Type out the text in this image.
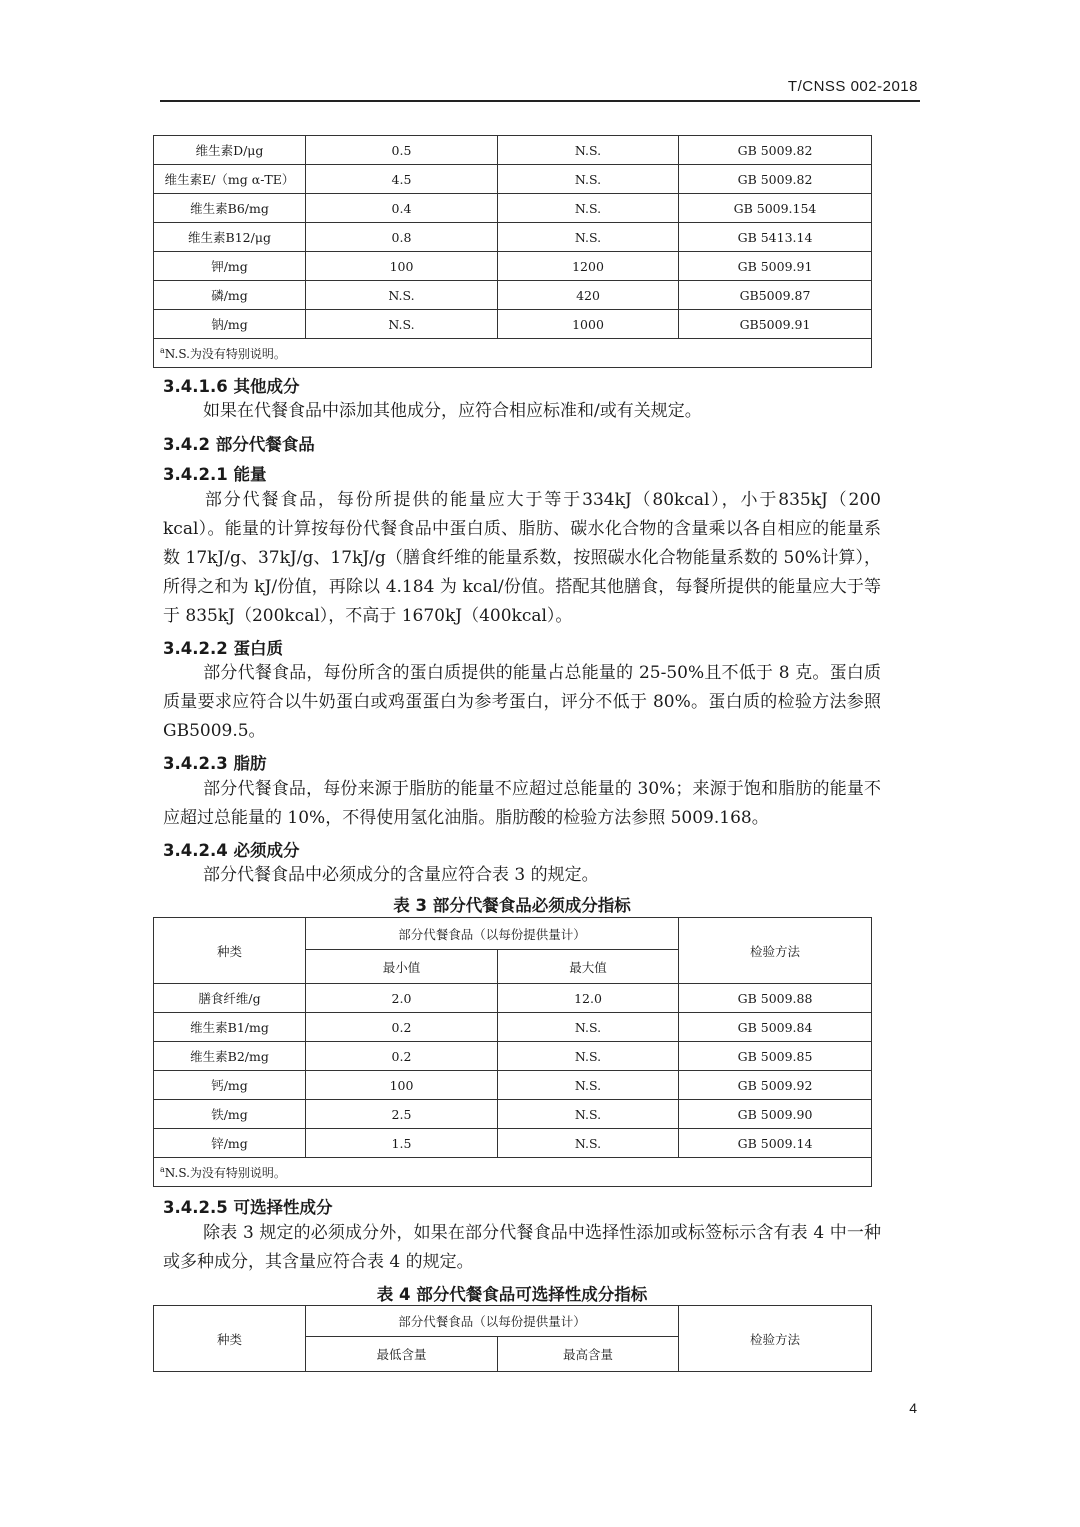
T/CNSS 002-2018
维生素D/μg	0.5	N.S.	GB 5009.82
维生素E/（mg α-TE）	4.5	N.S.	GB 5009.82
维生素B6/mg	0.4	N.S.	GB 5009.154
维生素B12/μg	0.8	N.S.	GB 5413.14
钾/mg	100	1200	GB 5009.91
磷/mg	N.S.	420	GB5009.87
钠/mg	N.S.	1000	GB5009.91
$^a$N.S.为没有特别说明。			
3.4.1.6 其他成分
如果在代餐食品中添加其他成分，应符合相应标准和/或有关规定。
3.4.2 部分代餐食品
3.4.2.1 能量
部分代餐食品，每份所提供的能量应大于等于334kJ（80kcal），小于835kJ（200 kcal）。能量的计算按每份代餐食品中蛋白质、脂肪、碳水化合物的含量乘以各自相应的能量系数 17kJ/g、37kJ/g、17kJ/g（膳食纤维的能量系数，按照碳水化合物能量系数的 50%计算），所得之和为 kJ/份值，再除以 4.184 为 kcal/份值。搭配其他膳食，每餐所提供的能量应大于等于 835kJ（200kcal），不高于 1670kJ（400kcal）。
3.4.2.2 蛋白质
部分代餐食品，每份所含的蛋白质提供的能量占总能量的 25-50%且不低于 8 克。蛋白质质量要求应符合以牛奶蛋白或鸡蛋蛋白为参考蛋白，评分不低于 80%。蛋白质的检验方法参照 GB5009.5。
3.4.2.3 脂肪
部分代餐食品，每份来源于脂肪的能量不应超过总能量的 30%；来源于饱和脂肪的能量不应超过总能量的 10%，不得使用氢化油脂。脂肪酸的检验方法参照 5009.168。
3.4.2.4 必须成分
部分代餐食品中必须成分的含量应符合表 3 的规定。
表 3 部分代餐食品必须成分指标
种类	部分代餐食品（以每份提供量计）		检验方法
	最小值	最大值	
膳食纤维/g	2.0	12.0	GB 5009.88
维生素B1/mg	0.2	N.S.	GB 5009.84
维生素B2/mg	0.2	N.S.	GB 5009.85
钙/mg	100	N.S.	GB 5009.92
铁/mg	2.5	N.S.	GB 5009.90
锌/mg	1.5	N.S.	GB 5009.14
$^a$N.S.为没有特别说明。			
3.4.2.5 可选择性成分
除表 3 规定的必须成分外，如果在部分代餐食品中选择性添加或标签标示含有表 4 中一种或多种成分，其含量应符合表 4 的规定。
表 4 部分代餐食品可选择性成分指标
种类	部分代餐食品（以每份提供量计）		检验方法
	最低含量	最高含量	
4
